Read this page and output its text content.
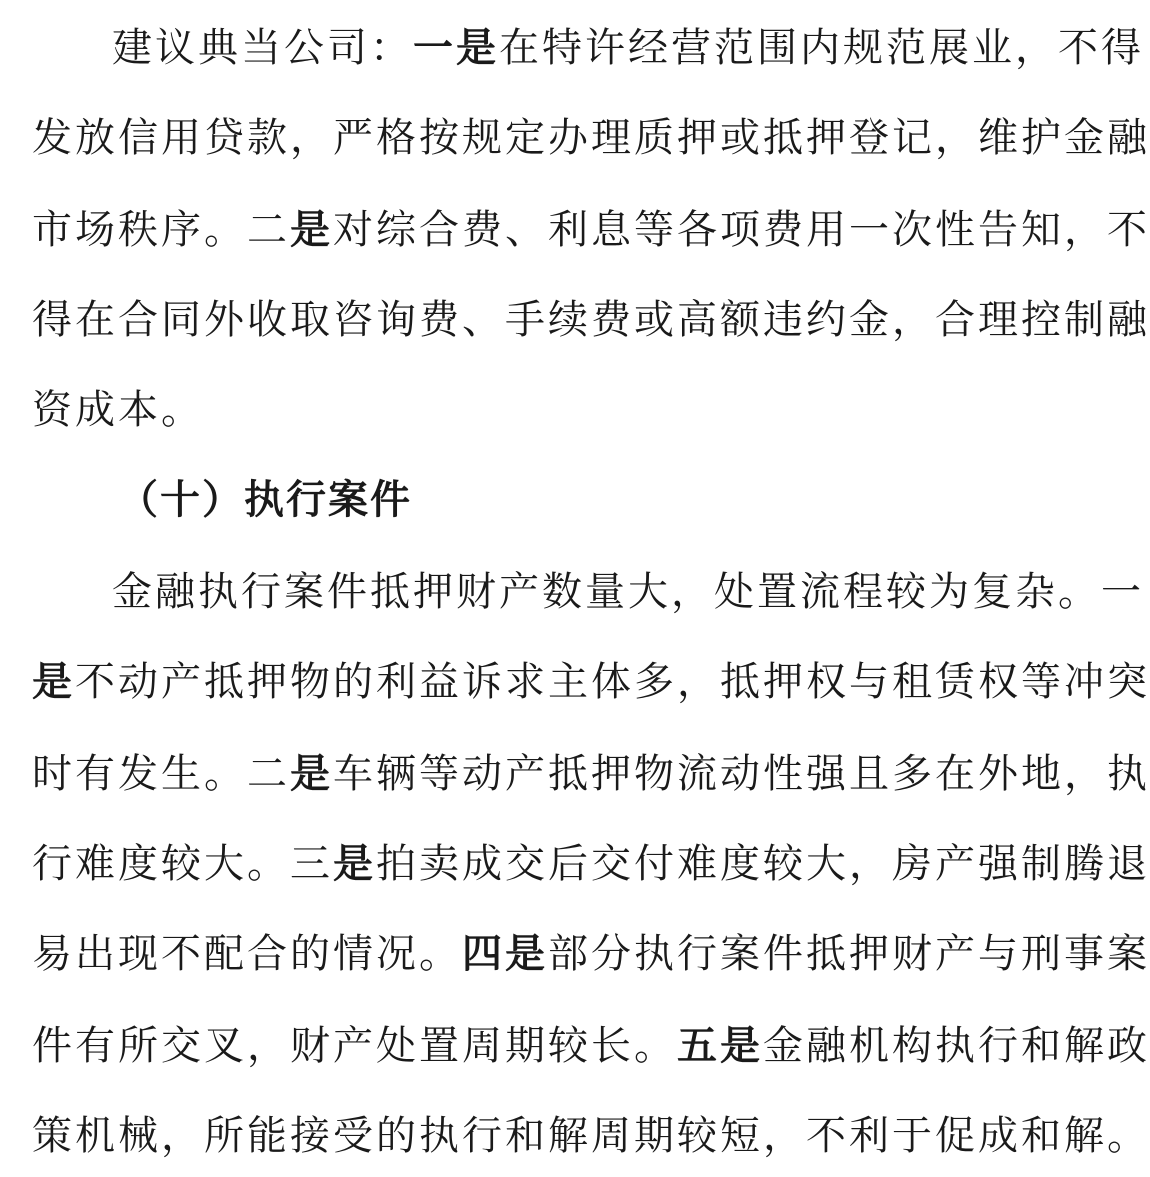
建议典当公司：一是在特许经营范围内规范展业，不得
发放信用贷款，严格按规定办理质押或抵押登记，维护金融
市场秩序。二是对综合费、利息等各项费用一次性告知，不
得在合同外收取咨询费、手续费或高额违约金，合理控制融
资成本。
（十）执行案件
金融执行案件抵押财产数量大，处置流程较为复杂。一
是不动产抵押物的利益诉求主体多，抵押权与租赁权等冲突
时有发生。二是车辆等动产抵押物流动性强且多在外地，执
行难度较大。三是拍卖成交后交付难度较大，房产强制腾退
易出现不配合的情况。四是部分执行案件抵押财产与刑事案
件有所交叉，财产处置周期较长。五是金融机构执行和解政
策机械，所能接受的执行和解周期较短，不利于促成和解。
